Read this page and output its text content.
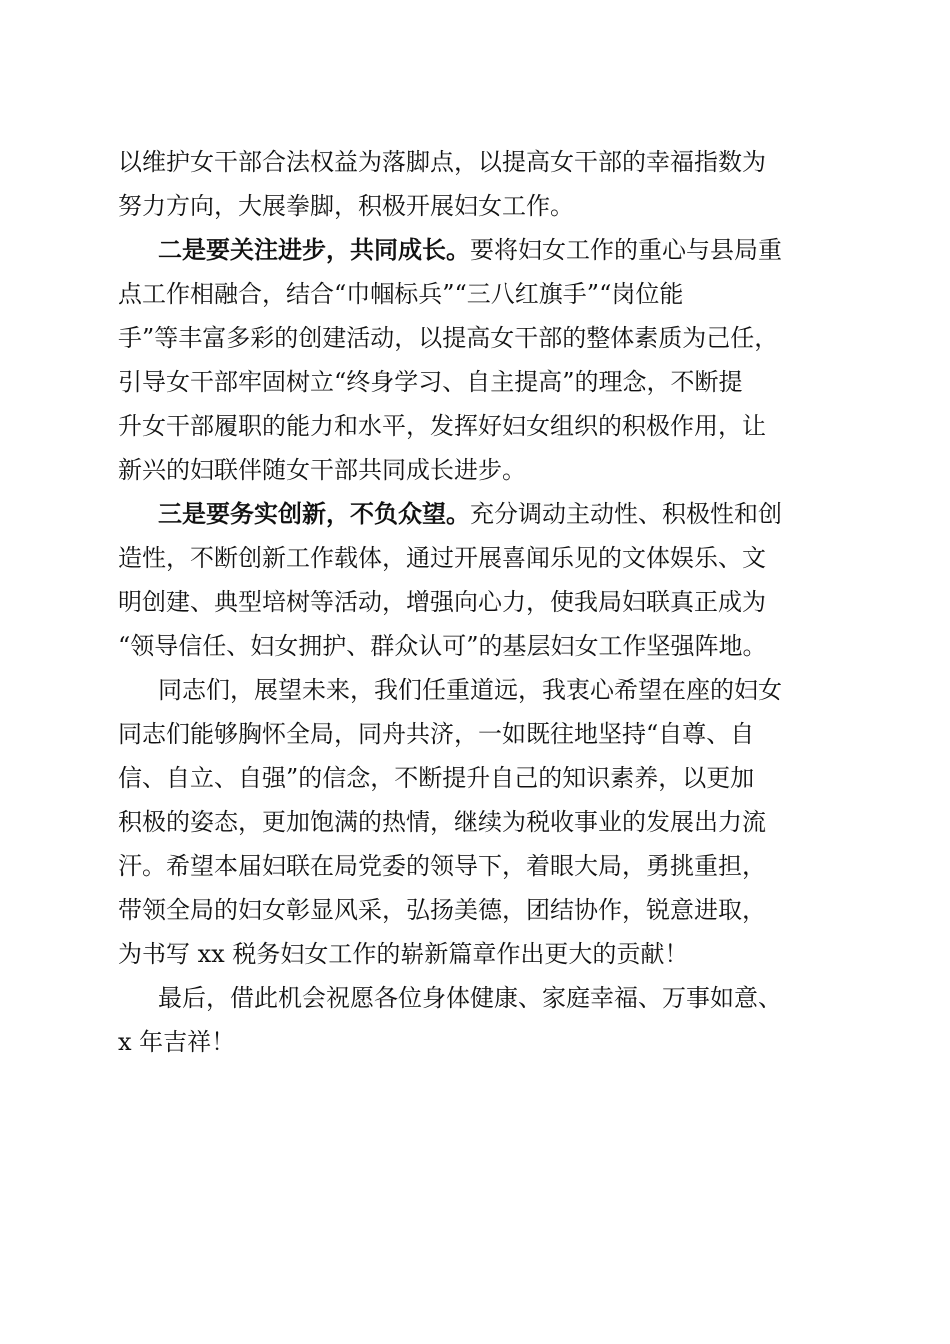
以维护女干部合法权益为落脚点，以提高女干部的幸福指数为
努力方向，大展拳脚，积极开展妇女工作。
二是要关注进步，共同成长。要将妇女工作的重心与县局重
点工作相融合，结合“巾帼标兵”“三八红旗手”“岗位能
手”等丰富多彩的创建活动，以提高女干部的整体素质为己任，
引导女干部牢固树立“终身学习、自主提高”的理念，不断提
升女干部履职的能力和水平，发挥好妇女组织的积极作用，让
新兴的妇联伴随女干部共同成长进步。
三是要务实创新，不负众望。充分调动主动性、积极性和创
造性，不断创新工作载体，通过开展喜闻乐见的文体娱乐、文
明创建、典型培树等活动，增强向心力，使我局妇联真正成为
“领导信任、妇女拥护、群众认可”的基层妇女工作坚强阵地。
同志们，展望未来，我们任重道远，我衷心希望在座的妇女
同志们能够胸怀全局，同舟共济，一如既往地坚持“自尊、自
信、自立、自强”的信念，不断提升自己的知识素养，以更加
积极的姿态，更加饱满的热情，继续为税收事业的发展出力流
汗。希望本届妇联在局党委的领导下，着眼大局，勇挑重担，
带领全局的妇女彰显风采，弘扬美德，团结协作，锐意进取，
为书写 xx 税务妇女工作的崭新篇章作出更大的贡献！
最后，借此机会祝愿各位身体健康、家庭幸福、万事如意、
x 年吉祥！
